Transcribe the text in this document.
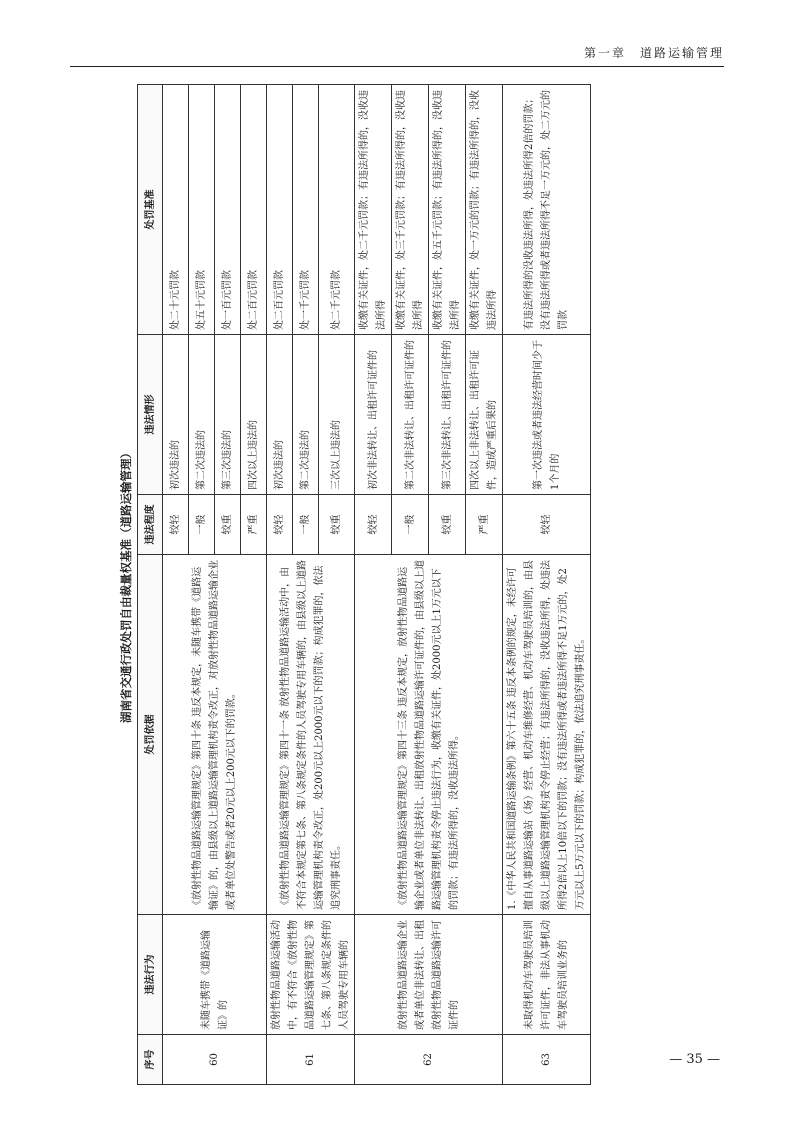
第一章　道路运输管理
湖南省交通行政处罚自由裁量权基准（道路运输管理）
序号	违法行为	处罚依据	违法程度	违法情形	处罚基准
60	未随车携带《道路运输证》的	《放射性物品道路运输管理规定》第四十条 违反本规定，未随车携带《道路运输证》的，由县级以上道路运输管理机构责令改正，对放射性物品道路运输企业或者单位处警告或者20元以上200元以下的罚款。	较轻	初次违法的	处二十元罚款
			一般	第二次违法的	处五十元罚款
			较重	第三次违法的	处一百元罚款
			严重	四次以上违法的	处二百元罚款
61	放射性物品道路运输活动中，有不符合《放射性物品道路运输管理规定》第七条、第八条规定条件的人员驾驶专用车辆的	《放射性物品道路运输管理规定》第四十一条 放射性物品道路运输活动中，由不符合本规定第七条、第八条规定条件的人员驾驶专用车辆的，由县级以上道路运输管理机构责令改正，处200元以上2000元以下的罚款；构成犯罪的，依法追究刑事责任。	较轻	初次违法的	处二百元罚款
			一般	第二次违法的	处一千元罚款
			较重	三次以上违法的	处二千元罚款
62	放射性物品道路运输企业或者单位非法转让、出租放射性物品道路运输许可证件的	《放射性物品道路运输管理规定》第四十三条 违反本规定，放射性物品道路运输企业或者单位非法转让、出租放射性物品道路运输许可证件的，由县级以上道路运输管理机构责令停止违法行为，收缴有关证件，处2000元以上1万元以下的罚款；有违法所得的，没收违法所得。	较轻	初次非法转让、出租许可证件的	收缴有关证件，处二千元罚款；有违法所得的，没收违法所得
			一般	第二次非法转让、出租许可证件的	收缴有关证件，处三千元罚款；有违法所得的，没收违法所得
			较重	第三次非法转让、出租许可证件的	收缴有关证件，处五千元罚款；有违法所得的，没收违法所得
			严重	四次以上非法转让、出租许可证件，造成严重后果的	收缴有关证件，处一万元的罚款；有违法所得的，没收违法所得
63	未取得机动车驾驶员培训许可证件，非法从事机动车驾驶员培训业务的	1.《中华人民共和国道路运输条例》第六十五条 违反本条例的规定，未经许可擅自从事道路运输站（场）经营、机动车维修经营、机动车驾驶员培训的，由县级以上道路运输管理机构责令停止经营；有违法所得的，没收违法所得，处违法所得2倍以上10倍以下的罚款；没有违法所得或者违法所得不足1万元的，处2万元以上5万元以下的罚款；构成犯罪的，依法追究刑事责任。	较轻	第一次违法或者违法经营时间少于1个月的	有违法所得的没收违法所得，处违法所得2倍的罚款；没有违法所得或者违法所得不足一万元的，处二万元的罚款
— 35 —
